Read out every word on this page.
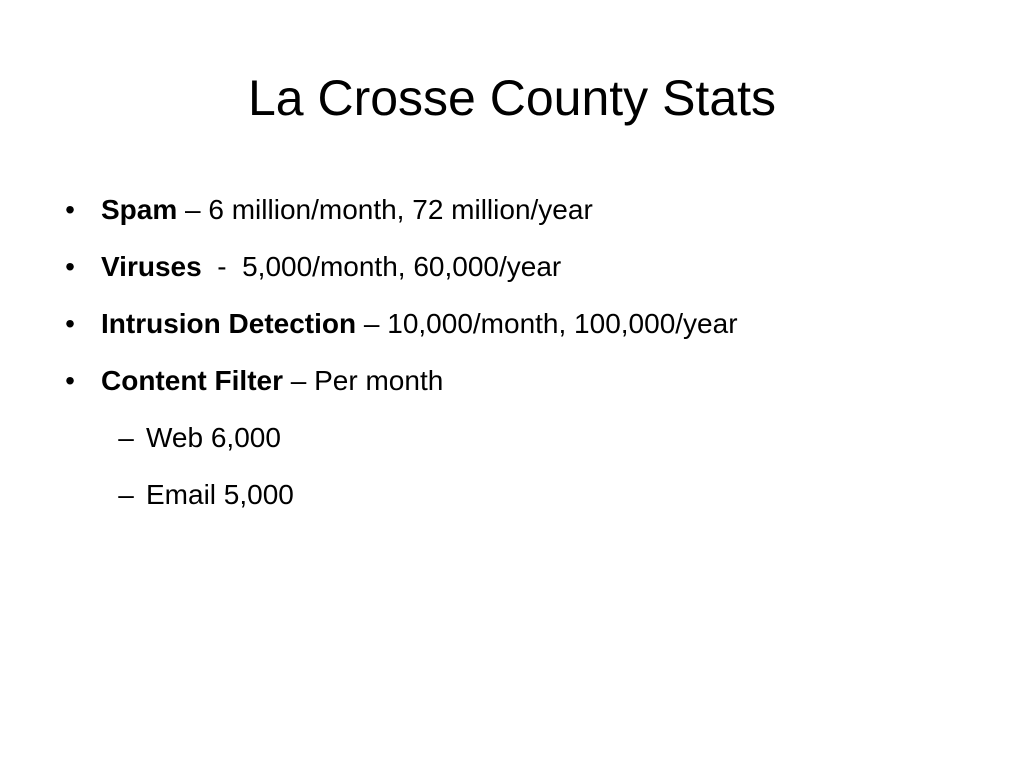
La Crosse County Stats
• Spam – 6 million/month, 72 million/year
• Viruses  -  5,000/month, 60,000/year
• Intrusion Detection – 10,000/month, 100,000/year
• Content Filter – Per month
– Web 6,000
– Email 5,000
